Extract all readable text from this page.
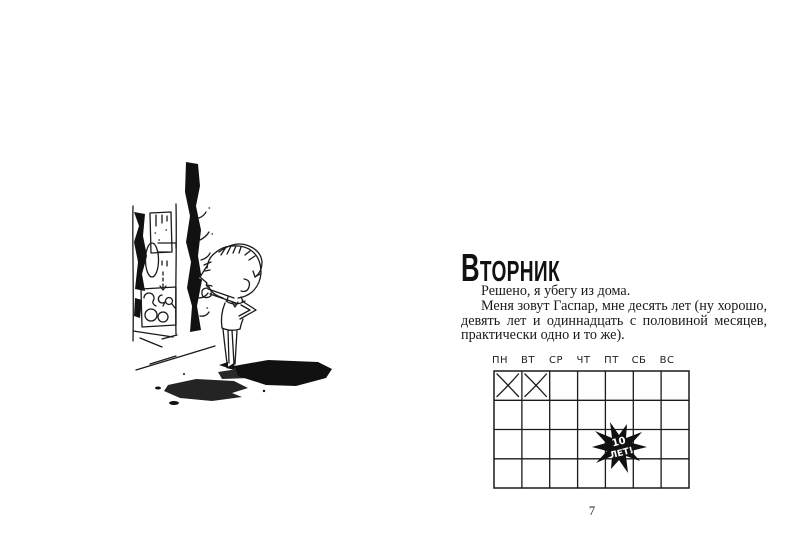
ВТОРНИК

Решено, я убегу из дома.

Меня зовут Гаспар, мне десять лет (ну хорошо, девять лет и одиннадцать с половиной месяцев, практически одно и то же).

ПН ВТ СР ЧТ ПТ СБ ВС
10
ЛЕТ!
7
